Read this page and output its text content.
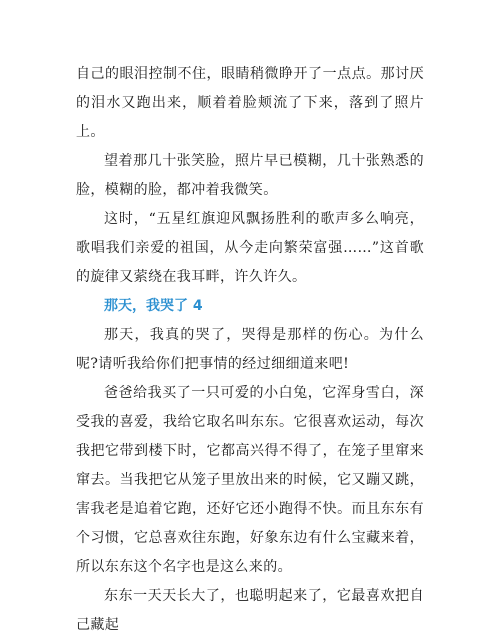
自己的眼泪控制不住，眼睛稍微睁开了一点点。那讨厌的泪水又跑出来，顺着着脸颊流了下来，落到了照片上。

望着那几十张笑脸，照片早已模糊，几十张熟悉的脸，模糊的脸，都冲着我微笑。

这时，“五星红旗迎风飘扬胜利的歌声多么响亮，歌唱我们亲爱的祖国，从今走向繁荣富强……”这首歌的旋律又萦绕在我耳畔，许久许久。

那天，我哭了 4

那天，我真的哭了，哭得是那样的伤心。为什么呢?请听我给你们把事情的经过细细道来吧!

爸爸给我买了一只可爱的小白兔，它浑身雪白，深受我的喜爱，我给它取名叫东东。它很喜欢运动，每次我把它带到楼下时，它都高兴得不得了，在笼子里窜来窜去。当我把它从笼子里放出来的时候，它又蹦又跳，害我老是追着它跑，还好它还小跑得不快。而且东东有个习惯，它总喜欢往东跑，好象东边有什么宝藏来着，所以东东这个名字也是这么来的。

东东一天天长大了，也聪明起来了，它最喜欢把自己藏起
